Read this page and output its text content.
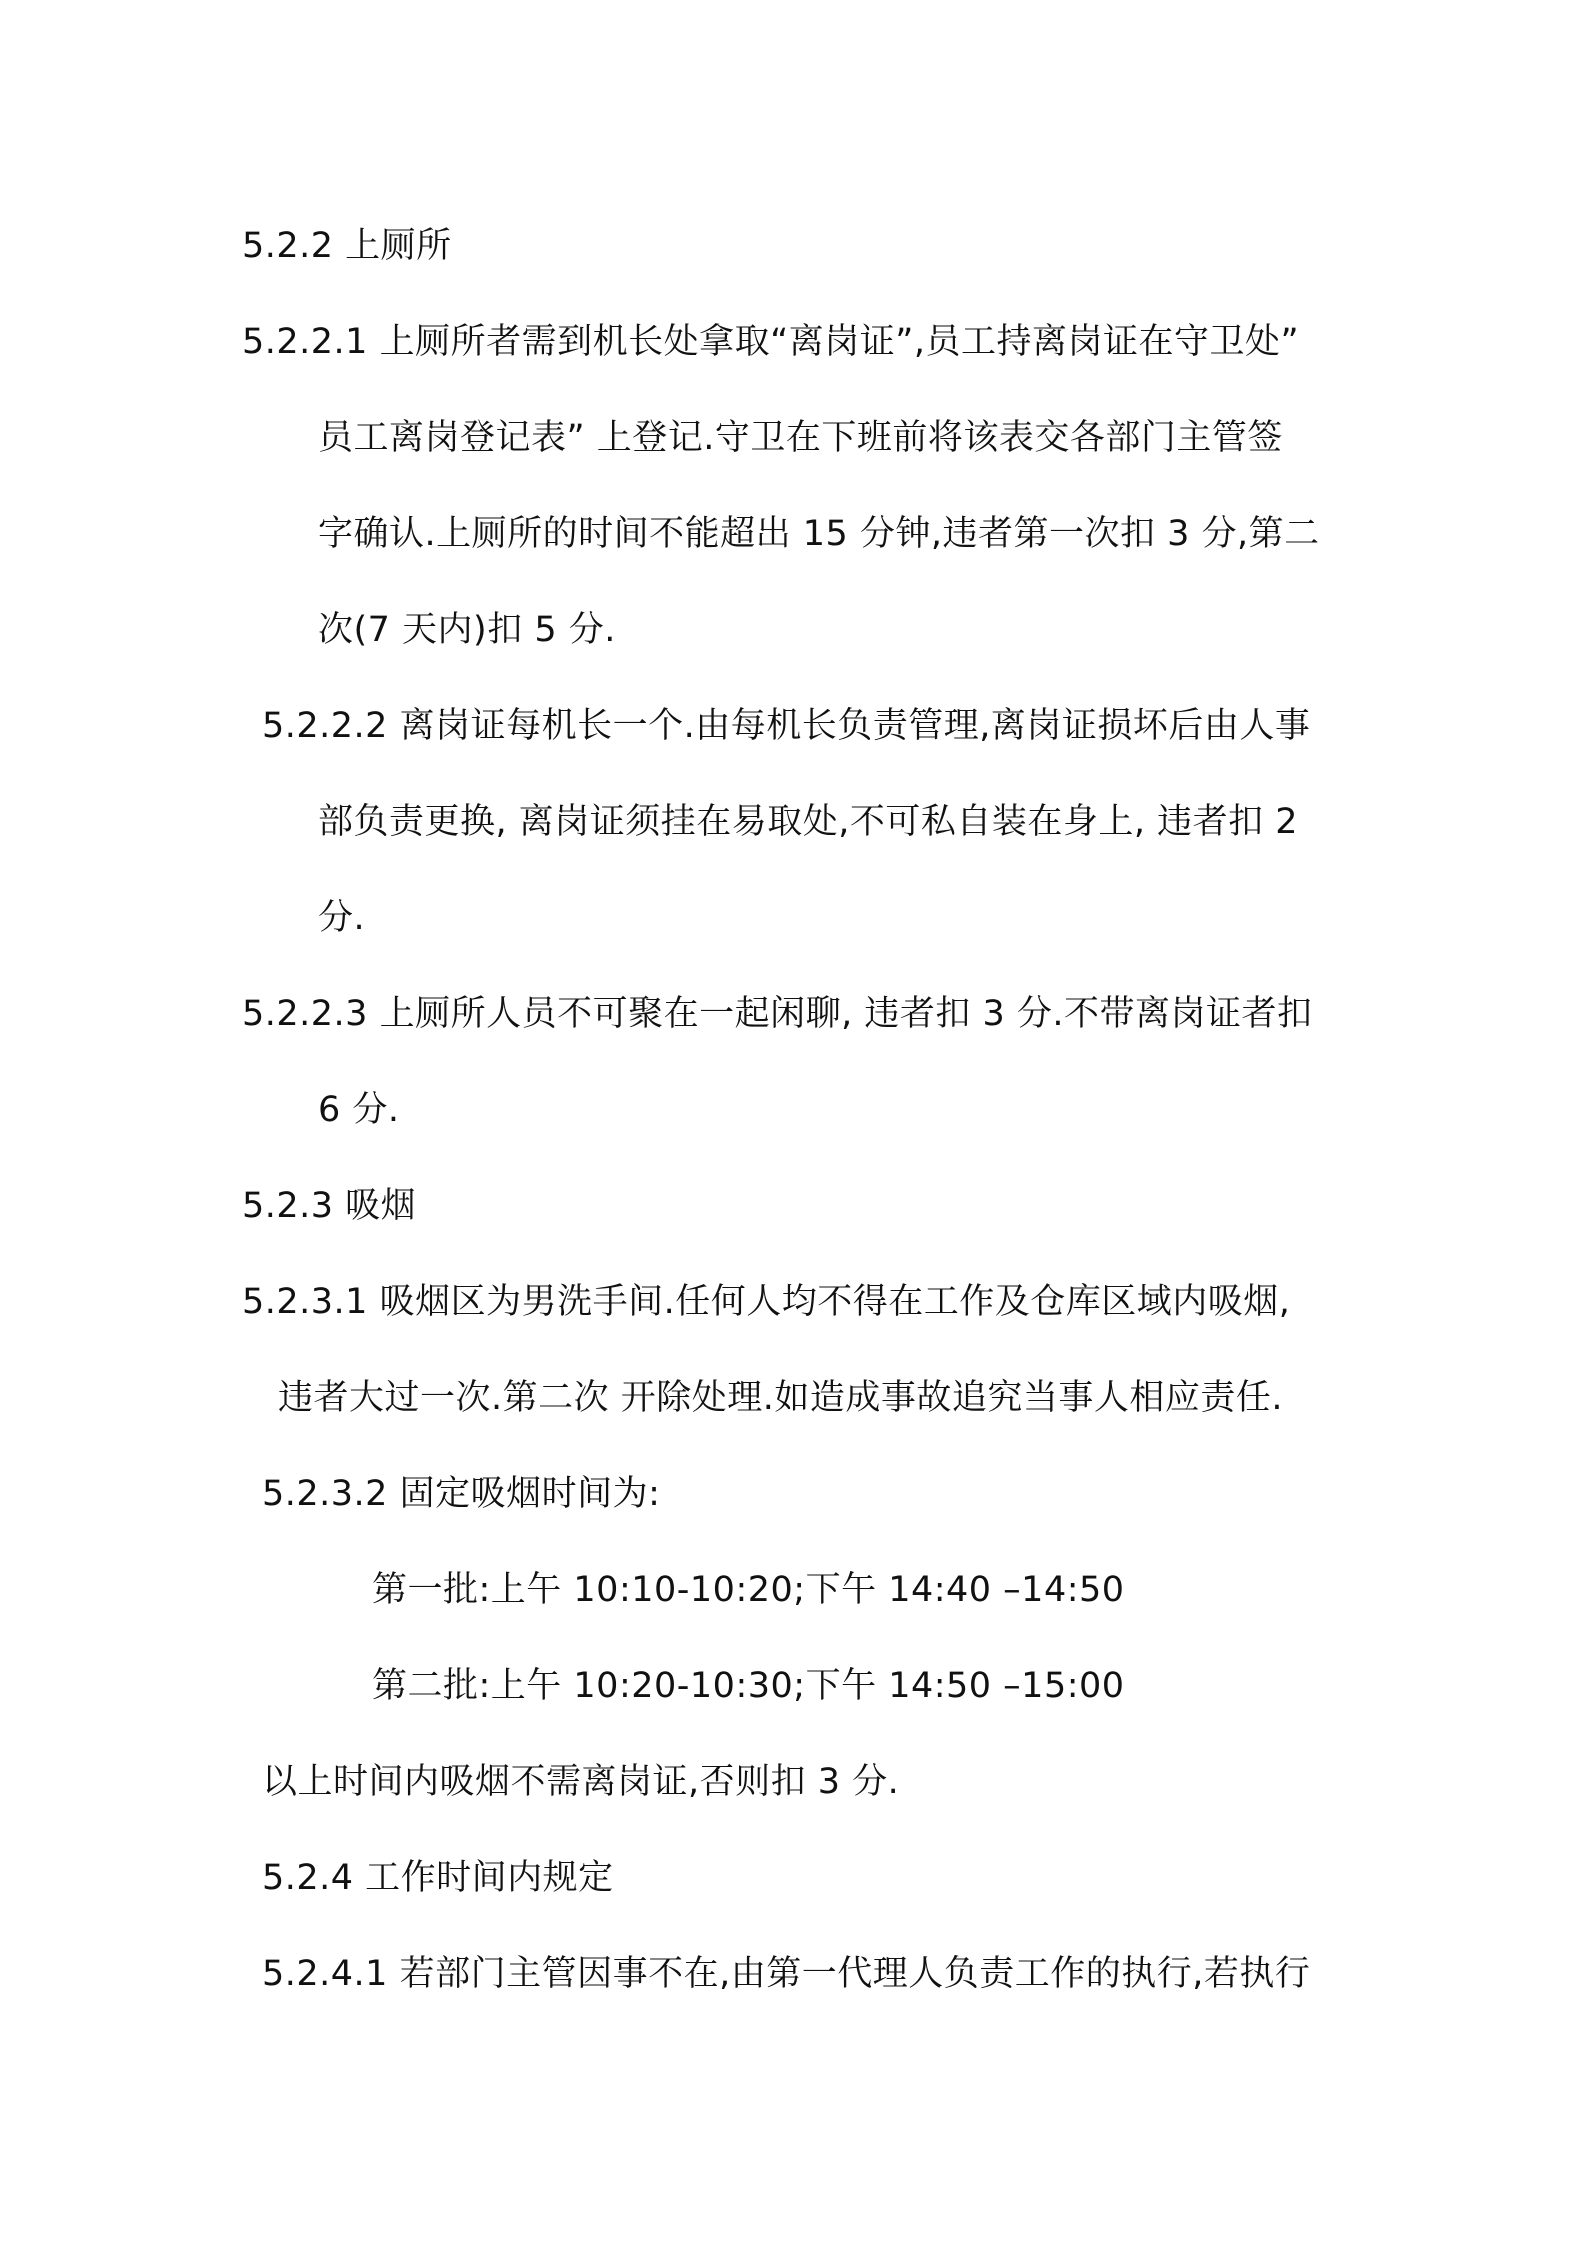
5.2.2 上厕所
5.2.2.1 上厕所者需到机长处拿取“离岗证”,员工持离岗证在守卫处”
员工离岗登记表” 上登记.守卫在下班前将该表交各部门主管签
字确认.上厕所的时间不能超出 15 分钟,违者第一次扣 3 分,第二
次(7 天内)扣 5 分.
5.2.2.2 离岗证每机长一个.由每机长负责管理,离岗证损坏后由人事
部负责更换, 离岗证须挂在易取处,不可私自装在身上, 违者扣 2
分.
5.2.2.3 上厕所人员不可聚在一起闲聊, 违者扣 3 分.不带离岗证者扣
6 分.
5.2.3 吸烟
5.2.3.1 吸烟区为男洗手间.任何人均不得在工作及仓库区域内吸烟,
违者大过一次.第二次 开除处理.如造成事故追究当事人相应责任.
5.2.3.2 固定吸烟时间为:
第一批:上午 10:10-10:20;下午 14:40 –14:50
第二批:上午 10:20-10:30;下午 14:50 –15:00
以上时间内吸烟不需离岗证,否则扣 3 分.
5.2.4 工作时间内规定
5.2.4.1 若部门主管因事不在,由第一代理人负责工作的执行,若执行
